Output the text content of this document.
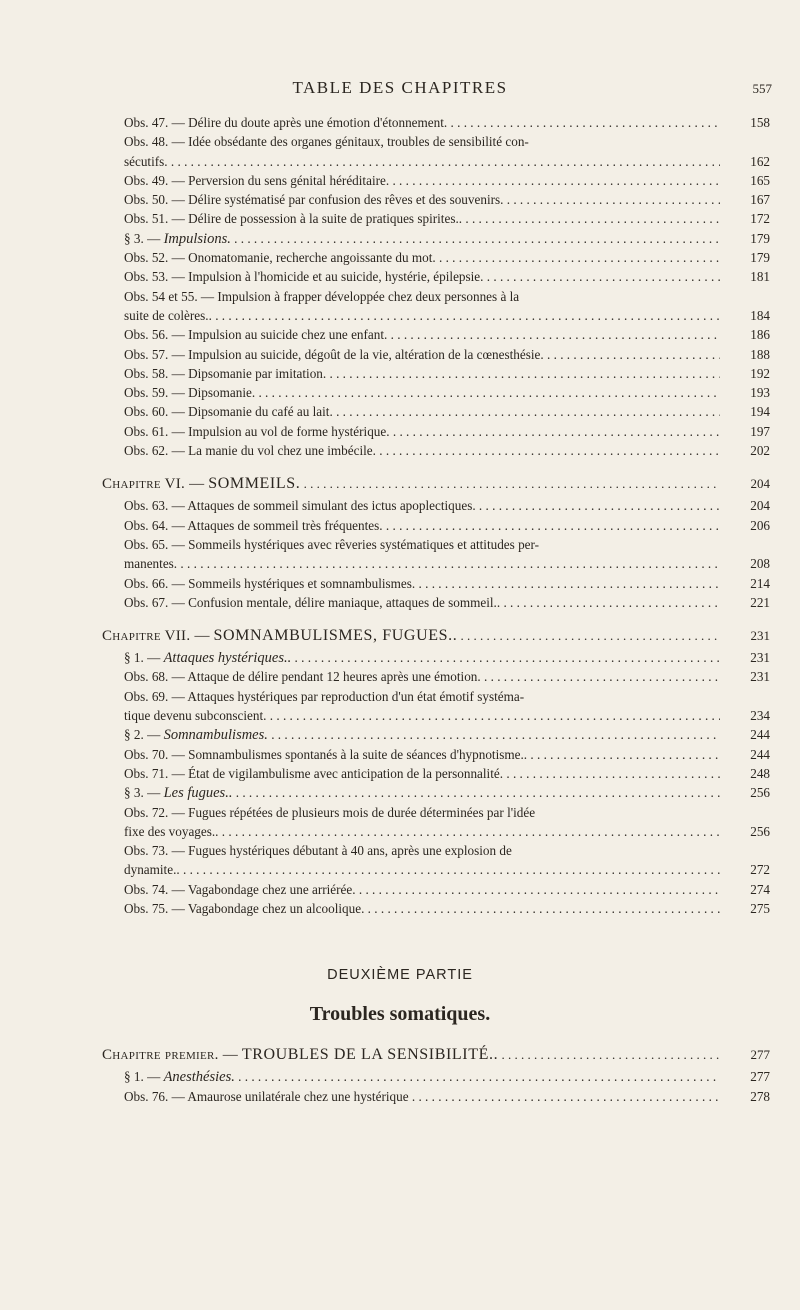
TABLE DES CHAPITRES	557
Obs. 47. — Délire du doute après une émotion d'étonnement. . . .	158
Obs. 48. — Idée obsédante des organes génitaux, troubles de sensibilité con-
sécutifs. . . .	162
Obs. 49. — Perversion du sens génital héréditaire. . . .	165
Obs. 50. — Délire systématisé par confusion des rêves et des souvenirs. . . .	167
Obs. 51. — Délire de possession à la suite de pratiques spirites.. . . .	172
§ 3. — Impulsions. . . .	179
Obs. 52. — Onomatomanie, recherche angoissante du mot. . . .	179
Obs. 53. — Impulsion à l'homicide et au suicide, hystérie, épilepsie. . . .	181
Obs. 54 et 55. — Impulsion à frapper développée chez deux personnes à la
suite de colères.. . . .	184
Obs. 56. — Impulsion au suicide chez une enfant. . . .	186
Obs. 57. — Impulsion au suicide, dégoût de la vie, altération de la cœnesthésie. . . .	188
Obs. 58. — Dipsomanie par imitation. . . .	192
Obs. 59. — Dipsomanie. . . .	193
Obs. 60. — Dipsomanie du café au lait. . . .	194
Obs. 61. — Impulsion au vol de forme hystérique. . . .	197
Obs. 62. — La manie du vol chez une imbécile. . . .	202
Chapitre VI. — SOMMEILS. . . .	204
Obs. 63. — Attaques de sommeil simulant des ictus apoplectiques. . . .	204
Obs. 64. — Attaques de sommeil très fréquentes. . . .	206
Obs. 65. — Sommeils hystériques avec rêveries systématiques et attitudes per-
manentes. . . .	208
Obs. 66. — Sommeils hystériques et somnambulismes. . . .	214
Obs. 67. — Confusion mentale, délire maniaque, attaques de sommeil.. . . .	221
Chapitre VII. — SOMNAMBULISMES, FUGUES.. . . .	231
§ 1. — Attaques hystériques.. . . .	231
Obs. 68. — Attaque de délire pendant 12 heures après une émotion. . . .	231
Obs. 69. — Attaques hystériques par reproduction d'un état émotif systéma-
tique devenu subconscient. . . .	234
§ 2. — Somnambulismes. . . .	244
Obs. 70. — Somnambulismes spontanés à la suite de séances d'hypnotisme.. . . .	244
Obs. 71. — État de vigilambulisme avec anticipation de la personnalité. . . .	248
§ 3. — Les fugues.. . . .	256
Obs. 72. — Fugues répétées de plusieurs mois de durée déterminées par l'idée
fixe des voyages.. . . .	256
Obs. 73. — Fugues hystériques débutant à 40 ans, après une explosion de
dynamite.. . . .	272
Obs. 74. — Vagabondage chez une arriérée. . . .	274
Obs. 75. — Vagabondage chez un alcoolique. . . .	275
DEUXIÈME PARTIE
Troubles somatiques.
Chapitre premier. — TROUBLES DE LA SENSIBILITÉ.. . . .	277
§ 1. — Anesthésies. . . .	277
Obs. 76. — Amaurose unilatérale chez une hystérique . . .	278
